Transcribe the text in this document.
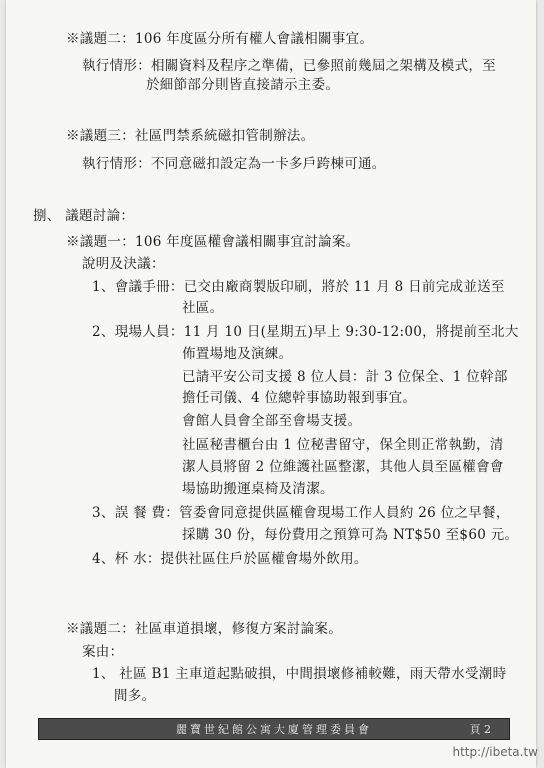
※議題二：106 年度區分所有權人會議相關事宜。
執行情形：相關資料及程序之準備，已參照前幾屆之架構及模式，至
於細節部分則皆直接請示主委。
※議題三：社區門禁系統磁扣管制辦法。
執行情形：不同意磁扣設定為一卡多戶跨棟可通。
捌、 議題討論：
※議題一：106 年度區權會議相關事宜討論案。
說明及決議：
1、會議手冊：已交由廠商製版印刷，將於 11 月 8 日前完成並送至
社區。
2、現場人員：11 月 10 日(星期五)早上 9:30-12:00，將提前至北大
佈置場地及演練。
已請平安公司支援 8 位人員：計 3 位保全、1 位幹部
擔任司儀、4 位總幹事協助報到事宜。
會館人員會全部至會場支援。
社區秘書櫃台由 1 位秘書留守，保全則正常執勤，清
潔人員將留 2 位維護社區整潔，其他人員至區權會會
場協助搬運桌椅及清潔。
3、誤 餐 費：管委會同意提供區權會現場工作人員約 26 位之早餐，
採購 30 份，每份費用之預算可為 NT$50 至$60 元。
4、杯 水：提供社區住戶於區權會場外飲用。
※議題二：社區車道損壞，修復方案討論案。
案由：
1、 社區 B1 主車道起點破損，中間損壞修補較難，雨天帶水受潮時
間多。
麗寶世紀館公寓大廈管理委員會	頁 2
http://ibeta.tw
